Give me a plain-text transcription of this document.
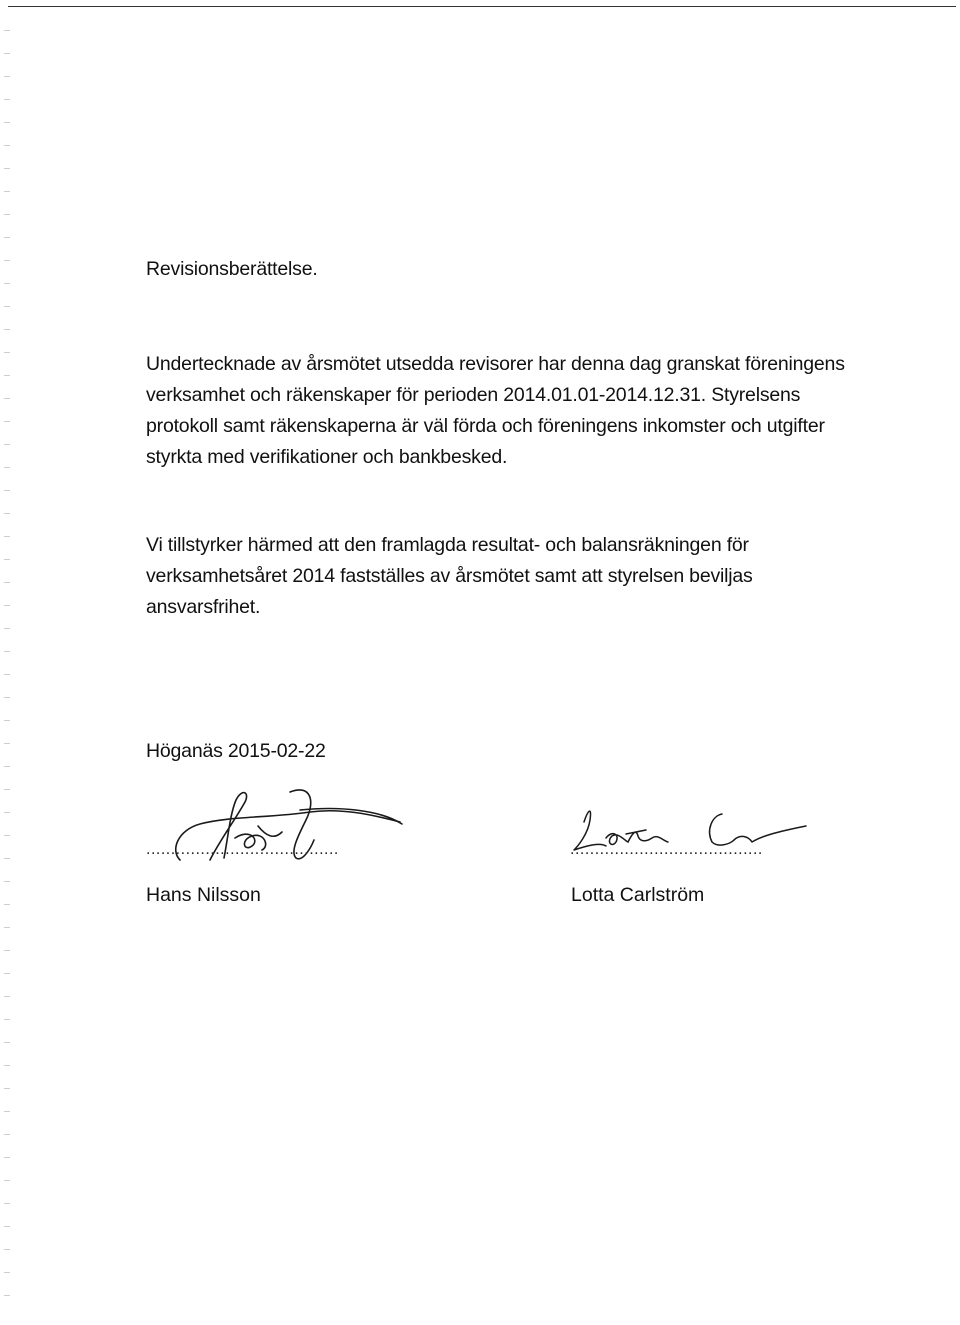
Revisionsberättelse.
Undertecknade av årsmötet utsedda revisorer har denna dag granskat föreningens verksamhet och räkenskaper för perioden 2014.01.01-2014.12.31. Styrelsens protokoll samt räkenskaperna är väl förda och föreningens inkomster och utgifter styrkta med verifikationer och bankbesked.
Vi tillstyrker härmed att den framlagda resultat- och balansräkningen för verksamhetsåret 2014 fastställes av årsmötet samt att styrelsen beviljas ansvarsfrihet.
Höganäs 2015-02-22
.......................................
Hans Nilsson
.......................................
Lotta Carlström
